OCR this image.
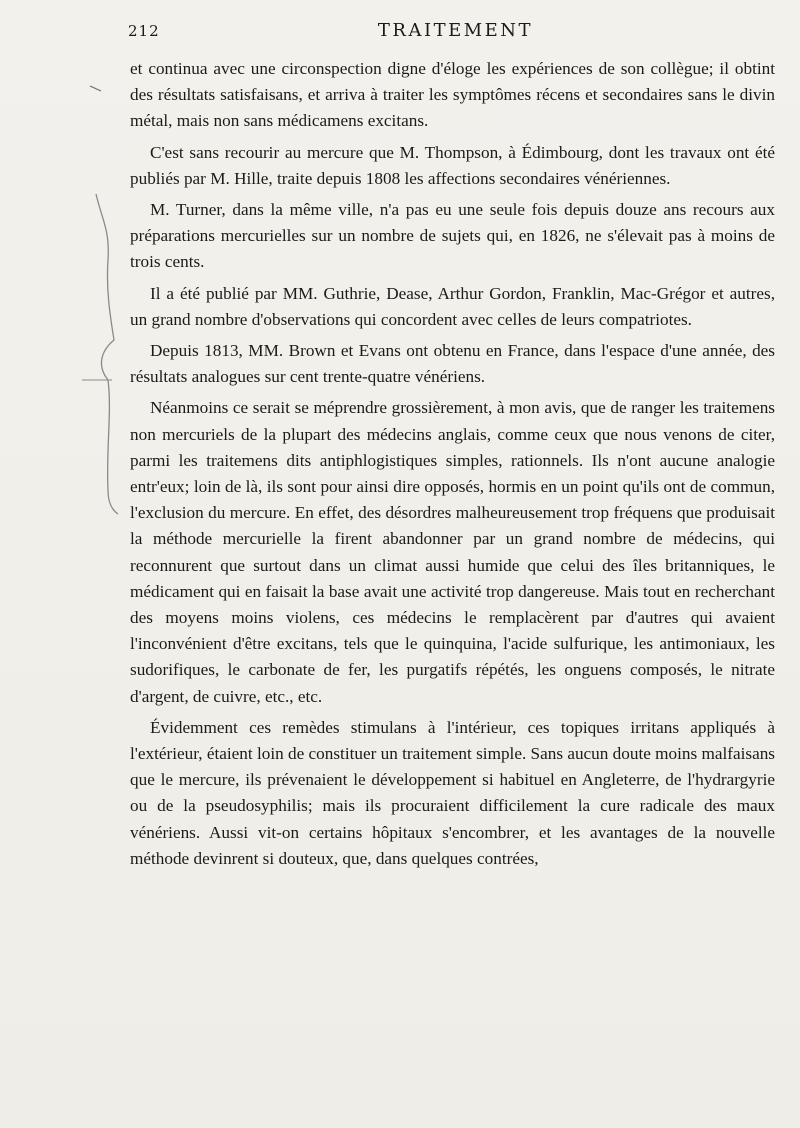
212	TRAITEMENT

et continua avec une circonspection digne d'éloge les expériences de son collègue; il obtint des résultats satisfaisans, et arriva à traiter les symptômes récens et secondaires sans le divin métal, mais non sans médicamens excitans.

C'est sans recourir au mercure que M. Thompson, à Édimbourg, dont les travaux ont été publiés par M. Hille, traite depuis 1808 les affections secondaires vénériennes.

M. Turner, dans la même ville, n'a pas eu une seule fois depuis douze ans recours aux préparations mercurielles sur un nombre de sujets qui, en 1826, ne s'élevait pas à moins de trois cents.

Il a été publié par MM. Guthrie, Dease, Arthur Gordon, Franklin, Mac-Grégor et autres, un grand nombre d'observations qui concordent avec celles de leurs compatriotes.

Depuis 1813, MM. Brown et Evans ont obtenu en France, dans l'espace d'une année, des résultats analogues sur cent trente-quatre vénériens.

Néanmoins ce serait se méprendre grossièrement, à mon avis, que de ranger les traitemens non mercuriels de la plupart des médecins anglais, comme ceux que nous venons de citer, parmi les traitemens dits antiphlogistiques simples, rationnels. Ils n'ont aucune analogie entr'eux; loin de là, ils sont pour ainsi dire opposés, hormis en un point qu'ils ont de commun, l'exclusion du mercure. En effet, des désordres malheureusement trop fréquens que produisait la méthode mercurielle la firent abandonner par un grand nombre de médecins, qui reconnurent que surtout dans un climat aussi humide que celui des îles britanniques, le médicament qui en faisait la base avait une activité trop dangereuse. Mais tout en recherchant des moyens moins violens, ces médecins le remplacèrent par d'autres qui avaient l'inconvénient d'être excitans, tels que le quinquina, l'acide sulfurique, les antimoniaux, les sudorifiques, le carbonate de fer, les purgatifs répétés, les onguens composés, le nitrate d'argent, de cuivre, etc., etc.

Évidemment ces remèdes stimulans à l'intérieur, ces topiques irritans appliqués à l'extérieur, étaient loin de constituer un traitement simple. Sans aucun doute moins malfaisans que le mercure, ils prévenaient le développement si habituel en Angleterre, de l'hydrargyrie ou de la pseudosyphilis; mais ils procuraient difficilement la cure radicale des maux vénériens. Aussi vit-on certains hôpitaux s'encombrer, et les avantages de la nouvelle méthode devinrent si douteux, que, dans quelques contrées,
